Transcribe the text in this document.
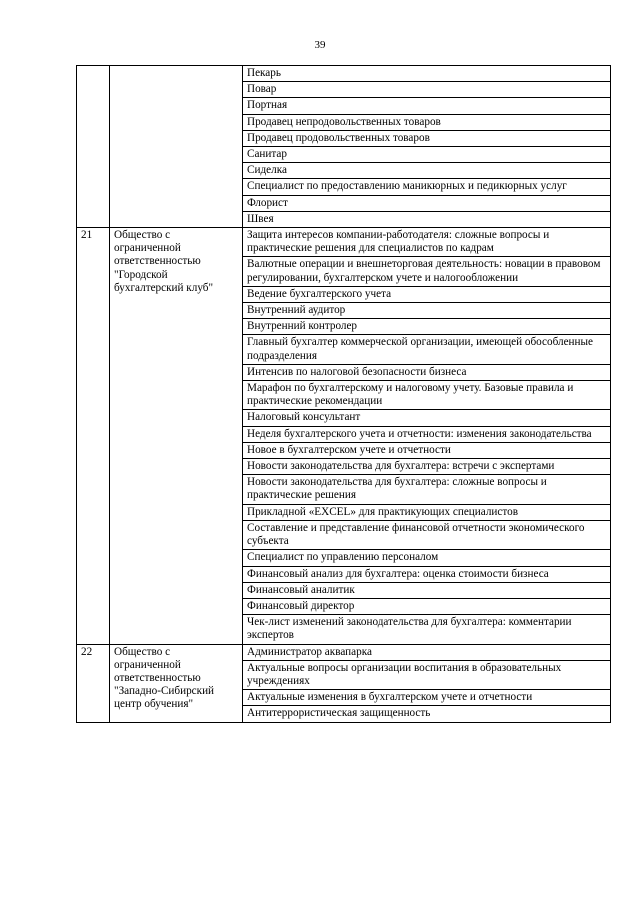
39
		Пекарь
		Повар
		Портная
		Продавец непродовольственных товаров
		Продавец продовольственных товаров
		Санитар
		Сиделка
		Специалист по предоставлению маникюрных и педикюрных услуг
		Флорист
		Швея
21	Общество с ограниченной ответственностью "Городской бухгалтерский клуб"	Защита интересов компании-работодателя: сложные вопросы и практические решения для специалистов по кадрам
		Валютные операции и внешнеторговая деятельность: новации в правовом регулировании, бухгалтерском учете и налогообложении
		Ведение бухгалтерского учета
		Внутренний аудитор
		Внутренний контролер
		Главный бухгалтер коммерческой организации, имеющей обособленные подразделения
		Интенсив по налоговой безопасности бизнеса
		Марафон по бухгалтерскому и налоговому учету. Базовые правила и практические рекомендации
		Налоговый консультант
		Неделя бухгалтерского учета и отчетности: изменения законодательства
		Новое в бухгалтерском учете и отчетности
		Новости законодательства для бухгалтера: встречи с экспертами
		Новости законодательства для бухгалтера: сложные вопросы и практические решения
		Прикладной «EXCEL» для практикующих специалистов
		Составление и представление финансовой отчетности экономического субъекта
		Специалист по управлению персоналом
		Финансовый анализ для бухгалтера: оценка стоимости бизнеса
		Финансовый аналитик
		Финансовый директор
		Чек-лист изменений законодательства для бухгалтера: комментарии экспертов
22	Общество с ограниченной ответственностью "Западно-Сибирский центр обучения"	Администратор аквапарка
		Актуальные вопросы организации воспитания в образовательных учреждениях
		Актуальные изменения в бухгалтерском учете и отчетности
		Антитеррористическая защищенность
